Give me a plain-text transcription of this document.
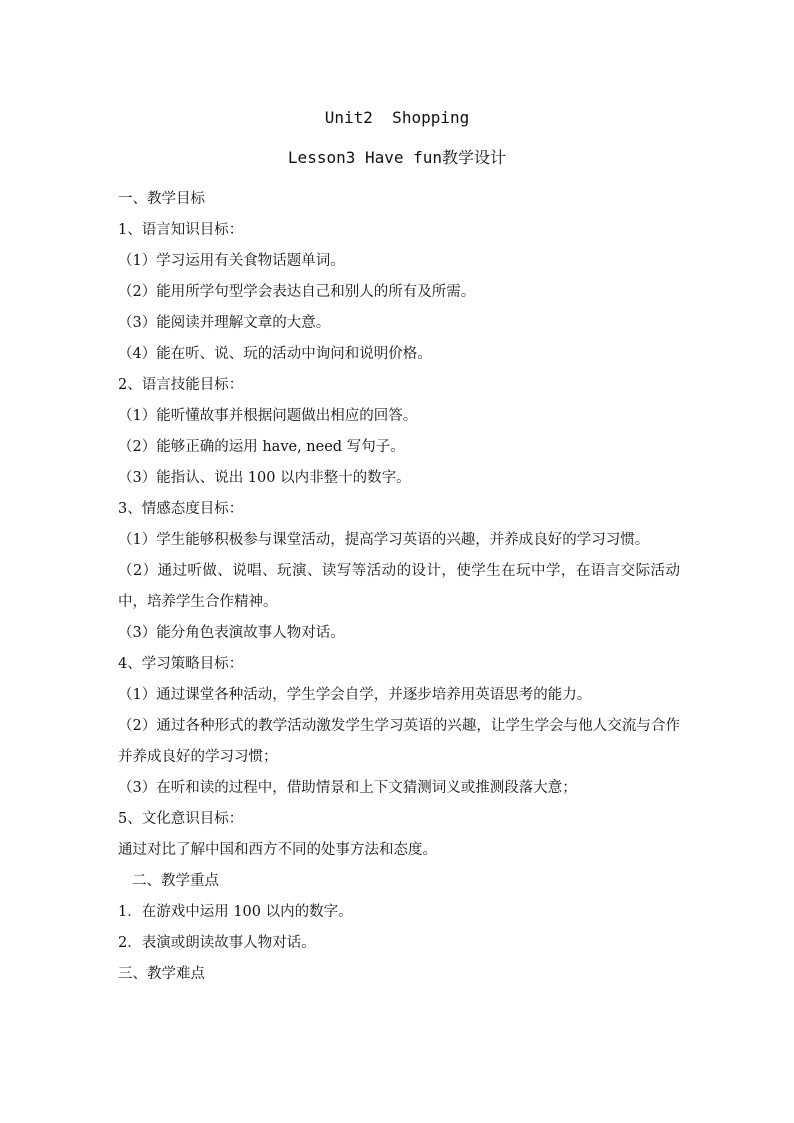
Unit2  Shopping
Lesson3 Have fun教学设计
一、教学目标
1、语言知识目标：
（1）学习运用有关食物话题单词。
（2）能用所学句型学会表达自己和别人的所有及所需。
（3）能阅读并理解文章的大意。
（4）能在听、说、玩的活动中询问和说明价格。
2、语言技能目标：
（1）能听懂故事并根据问题做出相应的回答。
（2）能够正确的运用 have, need 写句子。
（3）能指认、说出 100 以内非整十的数字。
3、情感态度目标：
（1）学生能够积极参与课堂活动，提高学习英语的兴趣，并养成良好的学习习惯。
（2）通过听做、说唱、玩演、读写等活动的设计，使学生在玩中学，在语言交际活动中，培养学生合作精神。
（3）能分角色表演故事人物对话。
4、学习策略目标：
（1）通过课堂各种活动，学生学会自学，并逐步培养用英语思考的能力。
（2）通过各种形式的教学活动激发学生学习英语的兴趣，让学生学会与他人交流与合作并养成良好的学习习惯；
（3）在听和读的过程中，借助情景和上下文猜测词义或推测段落大意；
5、文化意识目标：
通过对比了解中国和西方不同的处事方法和态度。
二、教学重点
1．在游戏中运用 100 以内的数字。
2．表演或朗读故事人物对话。
三、教学难点
